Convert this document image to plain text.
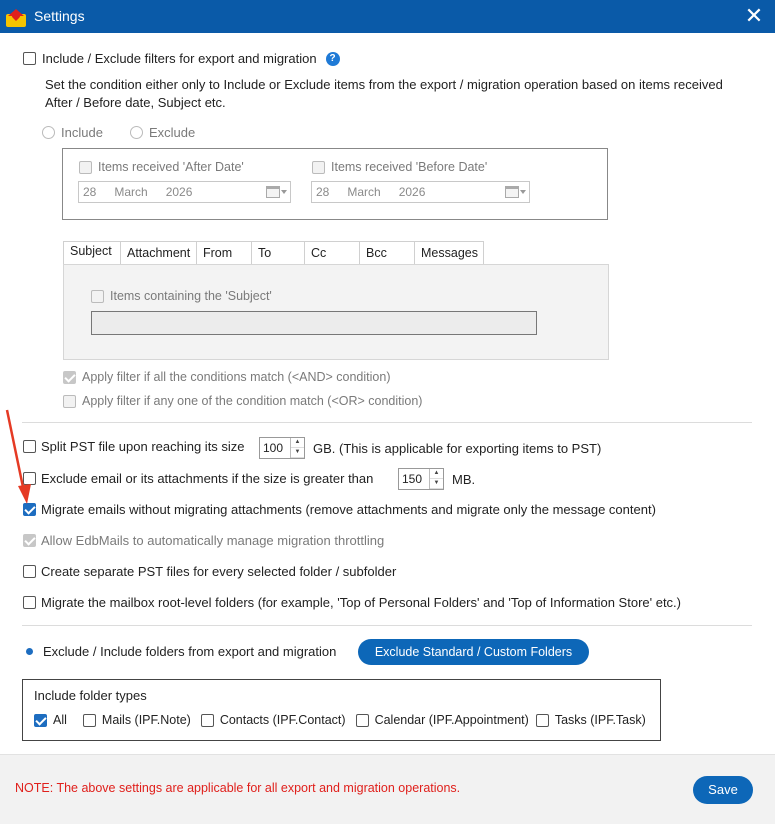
Settings	✕
Include / Exclude filters for export and migration	?
Set the condition either only to Include or Exclude items from the export / migration operation based on items received
After / Before date, Subject etc.
Include	Exclude
Items received 'After Date'
28 March 2026
Items received 'Before Date'
28 March 2026
Subject	Attachment	From	To	Cc	Bcc	Messages
Items containing the 'Subject'
Apply filter if all the conditions match (<AND> condition)
Apply filter if any one of the condition match (<OR> condition)
Split PST file upon reaching its size 100	▲
▼ GB. (This is applicable for exporting items to PST)
Exclude email or its attachments if the size is greater than 150	▲
▼ MB.
Migrate emails without migrating attachments (remove attachments and migrate only the message content)
Allow EdbMails to automatically manage migration throttling
Create separate PST files for every selected folder / subfolder
Migrate the mailbox root-level folders (for example, 'Top of Personal Folders' and 'Top of Information Store' etc.)
Exclude / Include folders from export and migration	Exclude Standard / Custom Folders
Include folder types
All	Mails (IPF.Note) Contacts (IPF.Contact) Calendar (IPF.Appointment) Tasks (IPF.Task)
NOTE: The above settings are applicable for all export and migration operations.	Save
